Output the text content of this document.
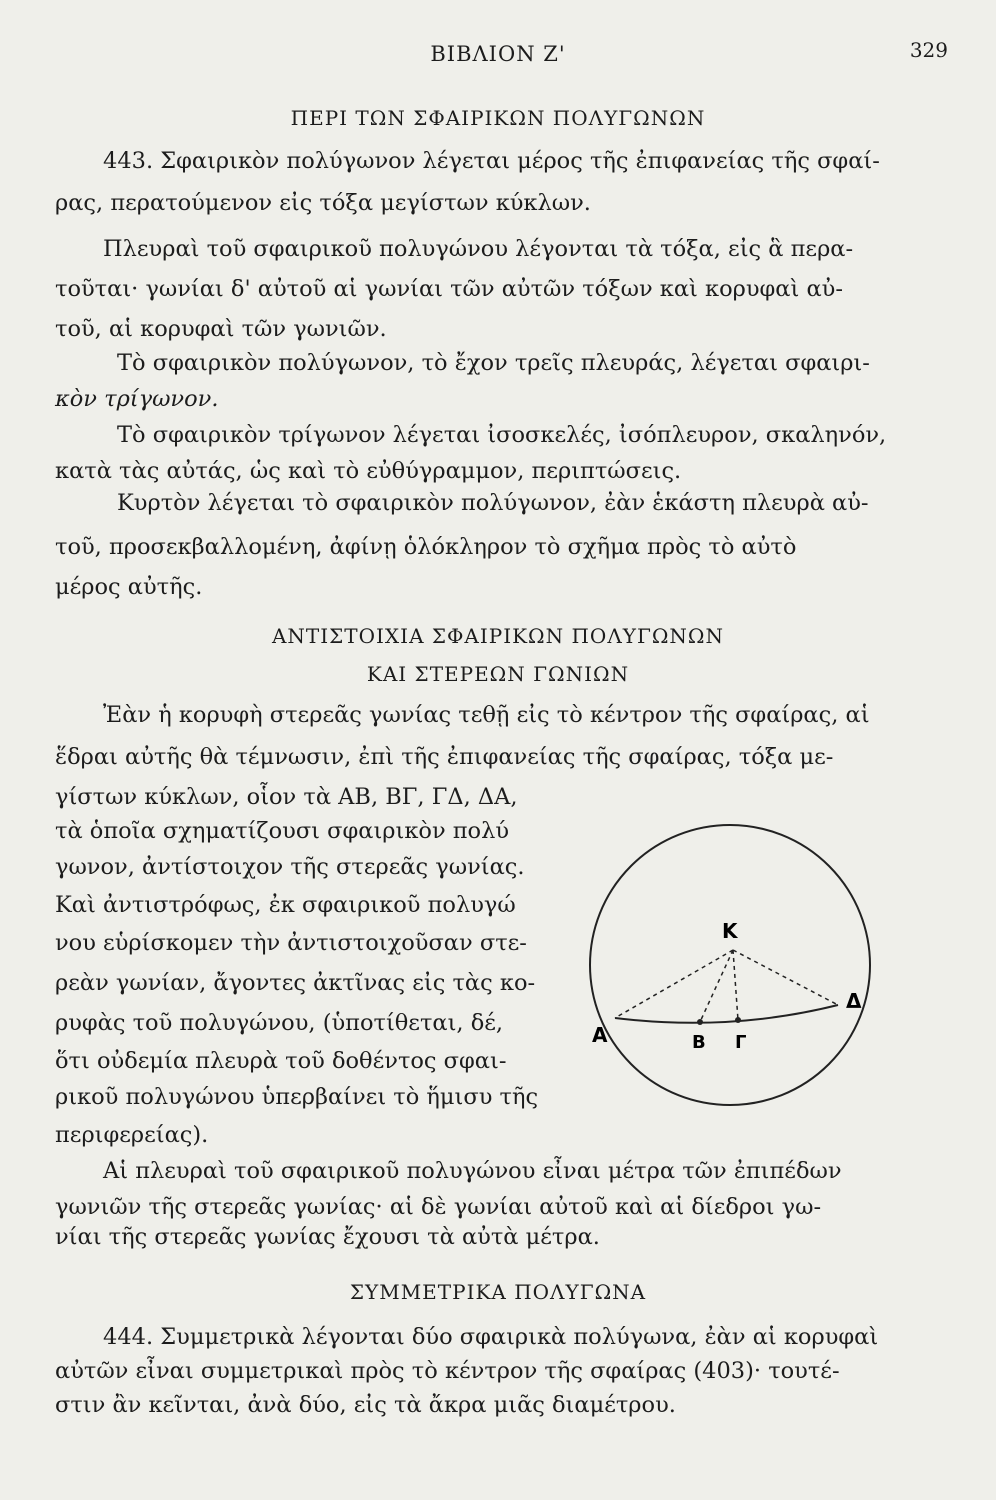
ΒΙΒΛΙΟΝ Ζ'	329
ΠΕΡΙ ΤΩΝ ΣΦΑΙΡΙΚΩΝ ΠΟΛΥΓΩΝΩΝ
443. Σφαιρικὸν πολύγωνον λέγεται μέρος τῆς ἐπιφανείας τῆς σφαί-
ρας, περατούμενον εἰς τόξα μεγίστων κύκλων.
Πλευραὶ τοῦ σφαιρικοῦ πολυγώνου λέγονται τὰ τόξα, εἰς ἃ περα-
τοῦται· γωνίαι δ' αὐτοῦ αἱ γωνίαι τῶν αὐτῶν τόξων καὶ κορυφαὶ αὐ-
τοῦ, αἱ κορυφαὶ τῶν γωνιῶν.
Τὸ σφαιρικὸν πολύγωνον, τὸ ἔχον τρεῖς πλευράς, λέγεται σφαιρι-
κὸν τρίγωνον.
Τὸ σφαιρικὸν τρίγωνον λέγεται ἰσοσκελές, ἰσόπλευρον, σκαληνόν,
κατὰ τὰς αὐτάς, ὡς καὶ τὸ εὐθύγραμμον, περιπτώσεις.
Κυρτὸν λέγεται τὸ σφαιρικὸν πολύγωνον, ἐὰν ἑκάστη πλευρὰ αὐ-
τοῦ, προσεκβαλλομένη, ἀφίνῃ ὁλόκληρον τὸ σχῆμα πρὸς τὸ αὐτὸ
μέρος αὐτῆς.
ΑΝΤΙΣΤΟΙΧΙΑ ΣΦΑΙΡΙΚΩΝ ΠΟΛΥΓΩΝΩΝ
ΚΑΙ ΣΤΕΡΕΩΝ ΓΩΝΙΩΝ
Ἐὰν ἡ κορυφὴ στερεᾶς γωνίας τεθῇ εἰς τὸ κέντρον τῆς σφαίρας, αἱ
ἕδραι αὐτῆς θὰ τέμνωσιν, ἐπὶ τῆς ἐπιφανείας τῆς σφαίρας, τόξα με-
γίστων κύκλων, οἷον τὰ ΑΒ, ΒΓ, ΓΔ, ΔΑ,
τὰ ὁποῖα σχηματίζουσι σφαιρικὸν πολύ
γωνον, ἀντίστοιχον τῆς στερεᾶς γωνίας.
Καὶ ἀντιστρόφως, ἐκ σφαιρικοῦ πολυγώ
νου εὑρίσκομεν τὴν ἀντιστοιχοῦσαν στε-
ρεὰν γωνίαν, ἄγοντες ἀκτῖνας εἰς τὰς κο-
ρυφὰς τοῦ πολυγώνου, (ὑποτίθεται, δέ,
ὅτι οὐδεμία πλευρὰ τοῦ δοθέντος σφαι-
ρικοῦ πολυγώνου ὑπερβαίνει τὸ ἥμισυ τῆς
περιφερείας).
Αἱ πλευραὶ τοῦ σφαιρικοῦ πολυγώνου εἶναι μέτρα τῶν ἐπιπέδων
γωνιῶν τῆς στερεᾶς γωνίας· αἱ δὲ γωνίαι αὐτοῦ καὶ αἱ δίεδροι γω-
νίαι τῆς στερεᾶς γωνίας ἔχουσι τὰ αὐτὰ μέτρα.
ΣΥΜΜΕΤΡΙΚΑ ΠΟΛΥΓΩΝΑ
444. Συμμετρικὰ λέγονται δύο σφαιρικὰ πολύγωνα, ἐὰν αἱ κορυφαὶ
αὐτῶν εἶναι συμμετρικαὶ πρὸς τὸ κέντρον τῆς σφαίρας (403)· τουτέ-
στιν ἂν κεῖνται, ἀνὰ δύο, εἰς τὰ ἄκρα μιᾶς διαμέτρου.
Κ
Α	Β Γ
Δ
